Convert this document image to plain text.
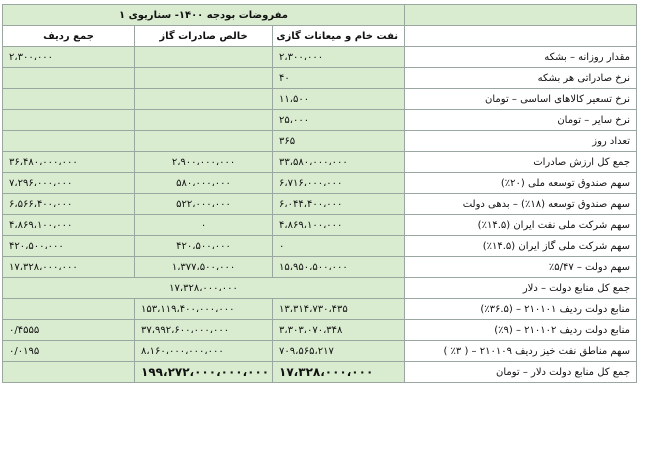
	مفروضات بودجه ۱۴۰۰- سناریوی ۱		
	نفت خام و میعانات گازی	خالص صادرات گاز	جمع ردیف
مقدار روزانه – بشکه	۲،۳۰۰،۰۰۰		۲،۳۰۰،۰۰۰
نرخ صادراتی هر بشکه	۴۰		
نرخ تسعیر کالاهای اساسی – تومان	۱۱،۵۰۰		
نرخ سایر – تومان	۲۵،۰۰۰		
تعداد روز	۳۶۵		
جمع کل ارزش صادرات	۳۳،۵۸۰،۰۰۰،۰۰۰	۲،۹۰۰،۰۰۰،۰۰۰	۳۶،۴۸۰،۰۰۰،۰۰۰
سهم صندوق توسعه ملی (۲۰٪)	۶،۷۱۶،۰۰۰،۰۰۰	۵۸۰،۰۰۰،۰۰۰	۷،۲۹۶،۰۰۰،۰۰۰
سهم صندوق توسعه (۱۸٪) – بدهی دولت	۶،۰۴۴،۴۰۰،۰۰۰	۵۲۲،۰۰۰،۰۰۰	۶،۵۶۶،۴۰۰،۰۰۰
سهم شرکت ملی نفت ایران (۱۴.۵٪)	۴،۸۶۹،۱۰۰،۰۰۰	۰	۴،۸۶۹،۱۰۰،۰۰۰
سهم شرکت ملی گاز ایران (۱۴.۵٪)	۰	۴۲۰،۵۰۰،۰۰۰	۴۲۰،۵۰۰،۰۰۰
سهم دولت – ۵/۴۷٪	۱۵،۹۵۰،۵۰۰،۰۰۰	۱،۳۷۷،۵۰۰،۰۰۰	۱۷،۳۲۸،۰۰۰،۰۰۰
جمع کل منابع دولت – دلار	۱۷،۳۲۸،۰۰۰،۰۰۰		
منابع دولت ردیف ۲۱۰۱۰۱ – (۳۶.۵٪)	۱۳،۳۱۴،۷۳۰،۴۳۵	۱۵۳،۱۱۹،۴۰۰،۰۰۰،۰۰۰	
منابع دولت ردیف ۲۱۰۱۰۲ – (۹٪)	۳،۳۰۳،۰۷۰،۳۴۸	۳۷،۹۹۲،۶۰۰،۰۰۰،۰۰۰	۰/۴۵۵۵
سهم مناطق نفت خیز ردیف ۲۱۰۱۰۹ – ( ۳٪ )	۷۰۹،۵۶۵،۲۱۷	۸،۱۶۰،۰۰۰،۰۰۰،۰۰۰	۰/۰۱۹۵
جمع کل منابع دولت دلار – تومان	۱۷،۳۲۸،۰۰۰،۰۰۰	۱۹۹،۲۷۲،۰۰۰،۰۰۰،۰۰۰	
